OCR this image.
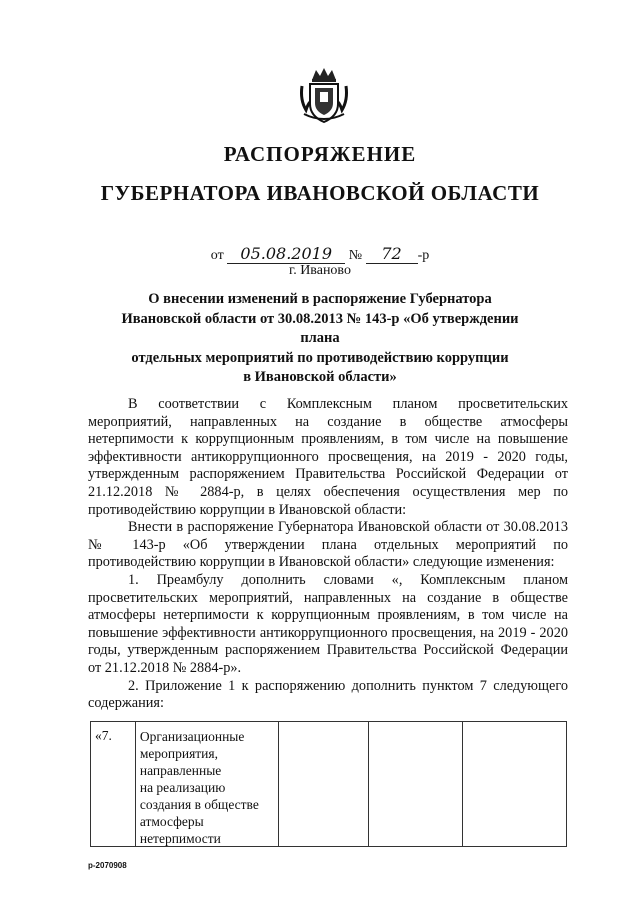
РАСПОРЯЖЕНИЕ
ГУБЕРНАТОРА ИВАНОВСКОЙ ОБЛАСТИ
от 05.08.2019 № 72 -р
г. Иваново
О внесении изменений в распоряжение Губернатора
Ивановской области от 30.08.2013 № 143-р «Об утверждении плана
отдельных мероприятий по противодействию коррупции
в Ивановской области»

В соответствии с Комплексным планом просветительских мероприятий, направленных на создание в обществе атмосферы нетерпимости к коррупционным проявлениям, в том числе на повышение эффективности антикоррупционного просвещения, на 2019 - 2020 годы, утвержденным распоряжением Правительства Российской Федерации от 21.12.2018 № 2884-р, в целях обеспечения осуществления мер по противодействию коррупции в Ивановской области:

Внести в распоряжение Губернатора Ивановской области от 30.08.2013 № 143-р «Об утверждении плана отдельных мероприятий по противодействию коррупции в Ивановской области» следующие изменения:

1. Преамбулу дополнить словами «, Комплексным планом просветительских мероприятий, направленных на создание в обществе атмосферы нетерпимости к коррупционным проявлениям, в том числе на повышение эффективности антикоррупционного просвещения, на 2019 - 2020 годы, утвержденным распоряжением Правительства Российской Федерации от 21.12.2018 № 2884-р».

2. Приложение 1 к распоряжению дополнить пунктом 7 следующего содержания:

«7.	Организационные
мероприятия,
направленные
на реализацию
создания в обществе
атмосферы
нетерпимости
р-2070908
